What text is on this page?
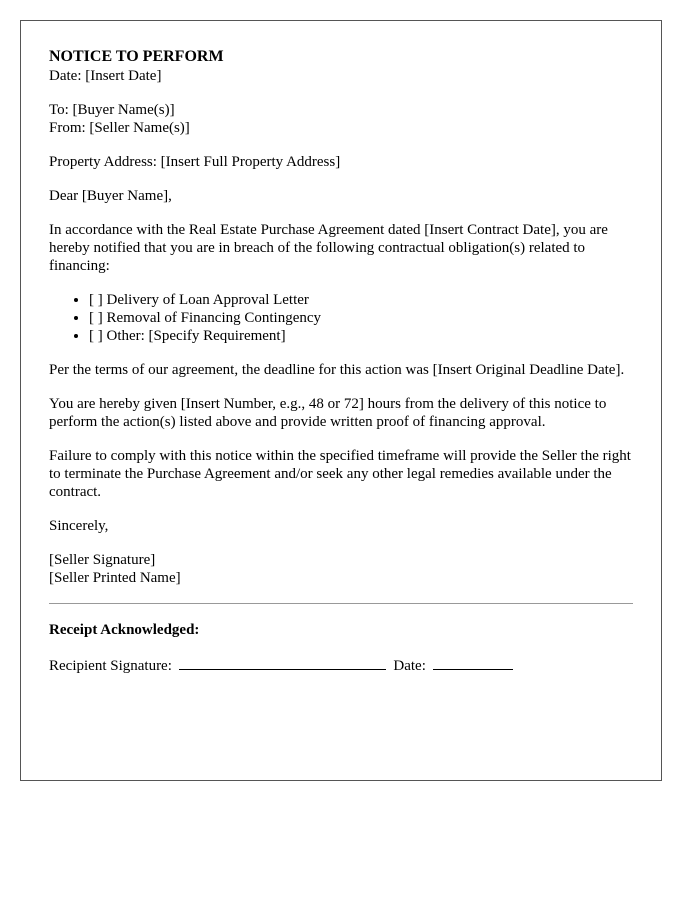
NOTICE TO PERFORM

Date: [Insert Date]

To: [Buyer Name(s)]

From: [Seller Name(s)]

Property Address: [Insert Full Property Address]

Dear [Buyer Name],

In accordance with the Real Estate Purchase Agreement dated [Insert Contract Date], you are hereby notified that you are in breach of the following contractual obligation(s) related to financing:

• [ ] Delivery of Loan Approval Letter
• [ ] Removal of Financing Contingency
• [ ] Other: [Specify Requirement]

Per the terms of our agreement, the deadline for this action was [Insert Original Deadline Date].

You are hereby given [Insert Number, e.g., 48 or 72] hours from the delivery of this notice to perform the action(s) listed above and provide written proof of financing approval.

Failure to comply with this notice within the specified timeframe will provide the Seller the right to terminate the Purchase Agreement and/or seek any other legal remedies available under the contract.

Sincerely,

[Seller Signature]

[Seller Printed Name]

Receipt Acknowledged:

Recipient Signature:	Date:
